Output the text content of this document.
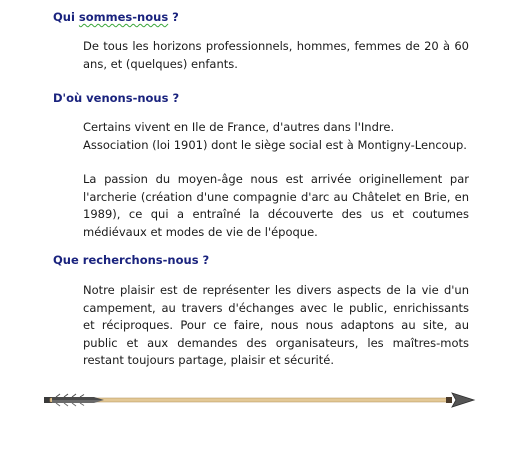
Qui sommes-nous ?

De tous les horizons professionnels, hommes, femmes de 20 à 60 ans, et (quelques) enfants.

D'où venons-nous ?
Certains vivent en Ile de France, d'autres dans l'Indre.
Association (loi 1901) dont le siège social est à Montigny-Lencoup.

La passion du moyen-âge nous est arrivée originellement par l'archerie (création d'une compagnie d'arc au Châtelet en Brie, en 1989), ce qui a entraîné la découverte des us et coutumes médiévaux et modes de vie de l'époque.

Que recherchons-nous ?

Notre plaisir est de représenter les divers aspects de la vie d'un campement, au travers d'échanges avec le public, enrichissants et réciproques. Pour ce faire, nous nous adaptons au site, au public et aux demandes des organisateurs, les maîtres-mots restant toujours partage, plaisir et sécurité.
